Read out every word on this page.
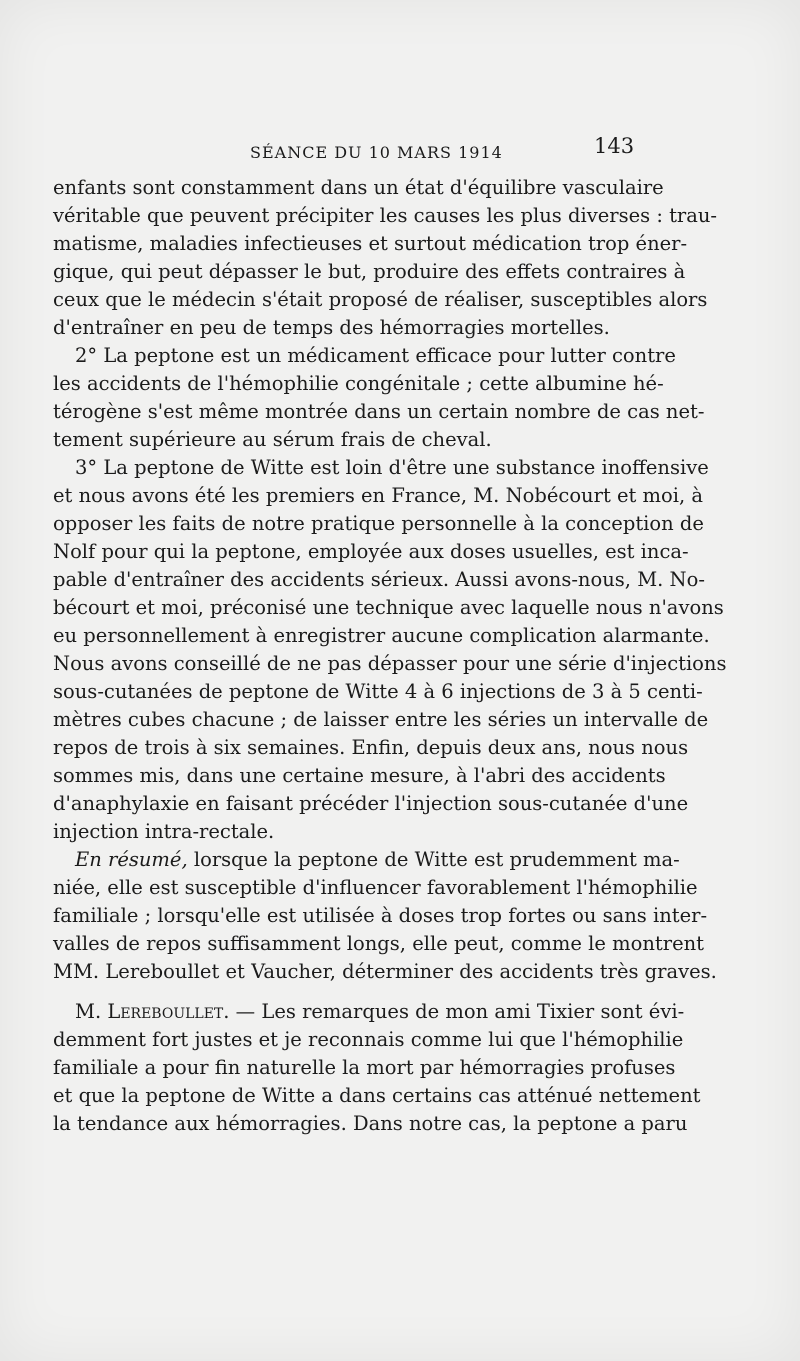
SÉANCE DU 10 MARS 1914	143
enfants sont constamment dans un état d'équilibre vasculaire
véritable que peuvent précipiter les causes les plus diverses : trau-
matisme, maladies infectieuses et surtout médication trop éner-
gique, qui peut dépasser le but, produire des effets contraires à
ceux que le médecin s'était proposé de réaliser, susceptibles alors
d'entraîner en peu de temps des hémorragies mortelles.
2° La peptone est un médicament efficace pour lutter contre
les accidents de l'hémophilie congénitale ; cette albumine hé-
térogène s'est même montrée dans un certain nombre de cas net-
tement supérieure au sérum frais de cheval.
3° La peptone de Witte est loin d'être une substance inoffensive
et nous avons été les premiers en France, M. Nobécourt et moi, à
opposer les faits de notre pratique personnelle à la conception de
Nolf pour qui la peptone, employée aux doses usuelles, est inca-
pable d'entraîner des accidents sérieux. Aussi avons-nous, M. No-
bécourt et moi, préconisé une technique avec laquelle nous n'avons
eu personnellement à enregistrer aucune complication alarmante.
Nous avons conseillé de ne pas dépasser pour une série d'injections
sous-cutanées de peptone de Witte 4 à 6 injections de 3 à 5 centi-
mètres cubes chacune ; de laisser entre les séries un intervalle de
repos de trois à six semaines. Enfin, depuis deux ans, nous nous
sommes mis, dans une certaine mesure, à l'abri des accidents
d'anaphylaxie en faisant précéder l'injection sous-cutanée d'une
injection intra-rectale.
En résumé, lorsque la peptone de Witte est prudemment ma-
niée, elle est susceptible d'influencer favorablement l'hémophilie
familiale ; lorsqu'elle est utilisée à doses trop fortes ou sans inter-
valles de repos suffisamment longs, elle peut, comme le montrent
MM. Lereboullet et Vaucher, déterminer des accidents très graves.
M. Lereboullet. — Les remarques de mon ami Tixier sont évi-
demment fort justes et je reconnais comme lui que l'hémophilie
familiale a pour fin naturelle la mort par hémorragies profuses
et que la peptone de Witte a dans certains cas atténué nettement
la tendance aux hémorragies. Dans notre cas, la peptone a paru
